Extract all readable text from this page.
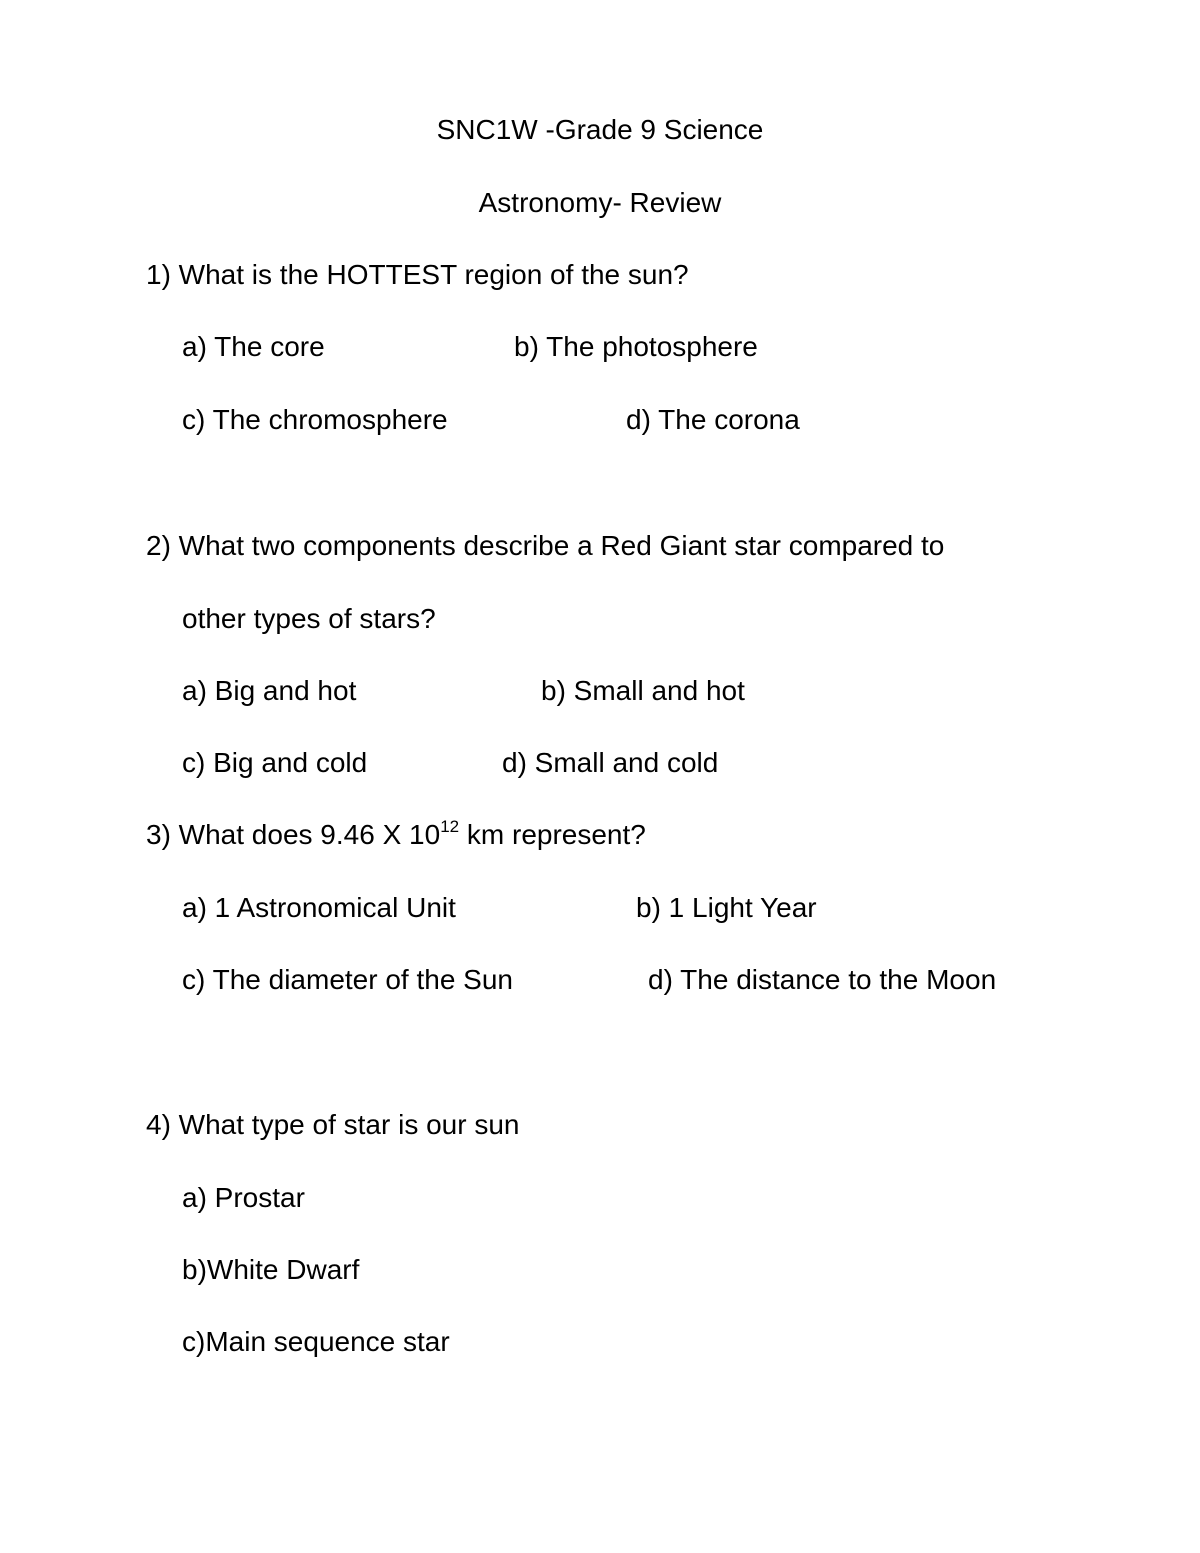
SNC1W -Grade 9 Science
Astronomy- Review
1) What is the HOTTEST region of the sun?
a) The core	b) The photosphere
c) The chromosphere	d) The corona
2) What two components describe a Red Giant star compared to
other types of stars?
a) Big and hot	b) Small and hot
c) Big and cold	d) Small and cold
3) What does 9.46 X $10^{12}$ km represent?
a) 1 Astronomical Unit	b) 1 Light Year
c) The diameter of the Sun	d) The distance to the Moon
4) What type of star is our sun
a) Prostar
b)White Dwarf
c)Main sequence star
